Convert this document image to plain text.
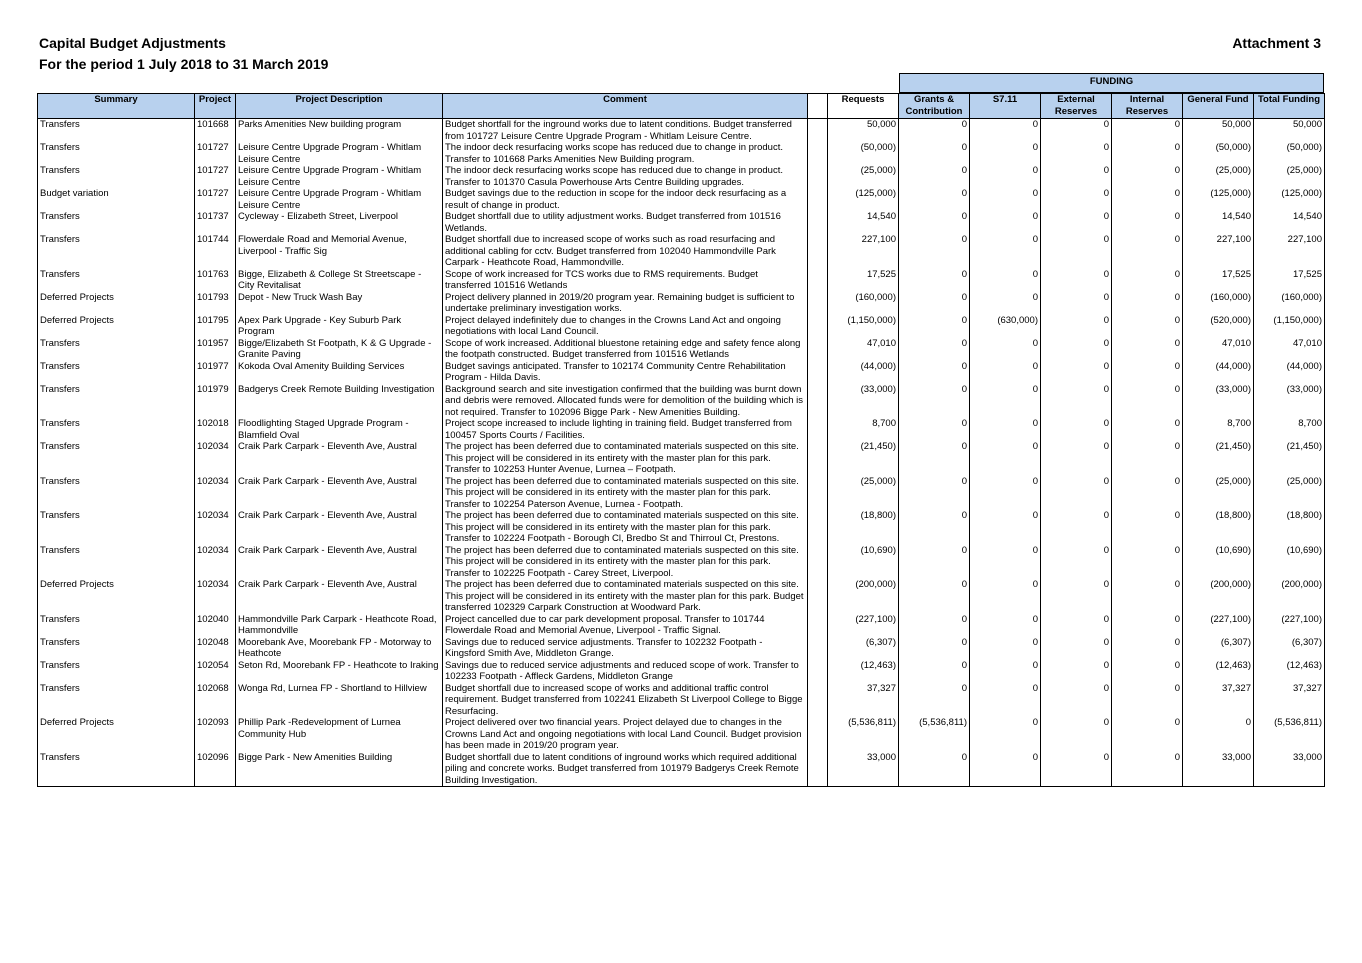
Capital Budget Adjustments
For the period 1 July 2018 to 31 March 2019
Attachment 3
FUNDING
Summary	Project	Project Description	Comment		Requests	Grants & Contribution	S7.11	External Reserves	Internal Reserves	General Fund	Total Funding
Transfers	101668	Parks Amenities New building program	Budget shortfall for the inground works due to latent conditions. Budget transferred from 101727 Leisure Centre Upgrade Program - Whitlam Leisure Centre.		50,000	0	0	0	0	50,000	50,000
Transfers	101727	Leisure Centre Upgrade Program - Whitlam Leisure Centre	The indoor deck resurfacing works scope has reduced due to change in product. Transfer to 101668 Parks Amenities New Building program.		(50,000)	0	0	0	0	(50,000)	(50,000)
Transfers	101727	Leisure Centre Upgrade Program - Whitlam Leisure Centre	The indoor deck resurfacing works scope has reduced due to change in product. Transfer to 101370 Casula Powerhouse Arts Centre Building upgrades.		(25,000)	0	0	0	0	(25,000)	(25,000)
Budget variation	101727	Leisure Centre Upgrade Program - Whitlam Leisure Centre	Budget savings due to the reduction in scope for the indoor deck resurfacing as a result of change in product.		(125,000)	0	0	0	0	(125,000)	(125,000)
Transfers	101737	Cycleway - Elizabeth Street, Liverpool	Budget shortfall due to utility adjustment works. Budget transferred from 101516 Wetlands.		14,540	0	0	0	0	14,540	14,540
Transfers	101744	Flowerdale Road and Memorial Avenue, Liverpool - Traffic Sig	Budget shortfall due to increased scope of works such as road resurfacing and additional cabling for cctv. Budget transferred from 102040 Hammondville Park Carpark - Heathcote Road, Hammondville.		227,100	0	0	0	0	227,100	227,100
Transfers	101763	Bigge, Elizabeth & College St Streetscape - City Revitalisat	Scope of work increased for TCS works due to RMS requirements. Budget transferred 101516 Wetlands		17,525	0	0	0	0	17,525	17,525
Deferred Projects	101793	Depot - New Truck Wash Bay	Project delivery planned in 2019/20 program year. Remaining budget is sufficient to undertake preliminary investigation works.		(160,000)	0	0	0	0	(160,000)	(160,000)
Deferred Projects	101795	Apex Park Upgrade - Key Suburb Park Program	Project delayed indefinitely due to changes in the Crowns Land Act and ongoing negotiations with local Land Council.		(1,150,000)	0	(630,000)	0	0	(520,000)	(1,150,000)
Transfers	101957	Bigge/Elizabeth St Footpath, K & G Upgrade - Granite Paving	Scope of work increased. Additional bluestone retaining edge and safety fence along the footpath constructed. Budget transferred from 101516 Wetlands		47,010	0	0	0	0	47,010	47,010
Transfers	101977	Kokoda Oval Amenity Building Services	Budget savings anticipated. Transfer to 102174 Community Centre Rehabilitation Program - Hilda Davis.		(44,000)	0	0	0	0	(44,000)	(44,000)
Transfers	101979	Badgerys Creek Remote Building Investigation	Background search and site investigation confirmed that the building was burnt down and debris were removed. Allocated funds were for demolition of the building which is not required. Transfer to 102096 Bigge Park - New Amenities Building.		(33,000)	0	0	0	0	(33,000)	(33,000)
Transfers	102018	Floodlighting Staged Upgrade Program - Blamfield Oval	Project scope increased to include lighting in training field. Budget transferred from 100457 Sports Courts / Facilities.		8,700	0	0	0	0	8,700	8,700
Transfers	102034	Craik Park Carpark - Eleventh Ave, Austral	The project has been deferred due to contaminated materials suspected on this site. This project will be considered in its entirety with the master plan for this park. Transfer to 102253 Hunter Avenue, Lurnea – Footpath.		(21,450)	0	0	0	0	(21,450)	(21,450)
Transfers	102034	Craik Park Carpark - Eleventh Ave, Austral	The project has been deferred due to contaminated materials suspected on this site. This project will be considered in its entirety with the master plan for this park. Transfer to 102254 Paterson Avenue, Lurnea - Footpath.		(25,000)	0	0	0	0	(25,000)	(25,000)
Transfers	102034	Craik Park Carpark - Eleventh Ave, Austral	The project has been deferred due to contaminated materials suspected on this site. This project will be considered in its entirety with the master plan for this park. Transfer to 102224 Footpath - Borough Cl, Bredbo St and Thirroul Ct, Prestons.		(18,800)	0	0	0	0	(18,800)	(18,800)
Transfers	102034	Craik Park Carpark - Eleventh Ave, Austral	The project has been deferred due to contaminated materials suspected on this site. This project will be considered in its entirety with the master plan for this park. Transfer to 102225 Footpath - Carey Street, Liverpool.		(10,690)	0	0	0	0	(10,690)	(10,690)
Deferred Projects	102034	Craik Park Carpark - Eleventh Ave, Austral	The project has been deferred due to contaminated materials suspected on this site. This project will be considered in its entirety with the master plan for this park. Budget transferred 102329 Carpark Construction at Woodward Park.		(200,000)	0	0	0	0	(200,000)	(200,000)
Transfers	102040	Hammondville Park Carpark - Heathcote Road, Hammondville	Project cancelled due to car park development proposal. Transfer to 101744 Flowerdale Road and Memorial Avenue, Liverpool - Traffic Signal.		(227,100)	0	0	0	0	(227,100)	(227,100)
Transfers	102048	Moorebank Ave, Moorebank FP - Motorway to Heathcote	Savings due to reduced service adjustments. Transfer to 102232 Footpath - Kingsford Smith Ave, Middleton Grange.		(6,307)	0	0	0	0	(6,307)	(6,307)
Transfers	102054	Seton Rd, Moorebank FP - Heathcote to Iraking	Savings due to reduced service adjustments and reduced scope of work. Transfer to 102233 Footpath - Affleck Gardens, Middleton Grange		(12,463)	0	0	0	0	(12,463)	(12,463)
Transfers	102068	Wonga Rd, Lurnea FP - Shortland to Hillview	Budget shortfall due to increased scope of works and additional traffic control requirement. Budget transferred from 102241 Elizabeth St Liverpool College to Bigge Resurfacing.		37,327	0	0	0	0	37,327	37,327
Deferred Projects	102093	Phillip Park -Redevelopment of Lurnea Community Hub	Project delivered over two financial years. Project delayed due to changes in the Crowns Land Act and ongoing negotiations with local Land Council. Budget provision has been made in 2019/20 program year.		(5,536,811)	(5,536,811)	0	0	0	0	(5,536,811)
Transfers	102096	Bigge Park - New Amenities Building	Budget shortfall due to latent conditions of inground works which required additional piling and concrete works. Budget transferred from 101979 Badgerys Creek Remote Building Investigation.		33,000	0	0	0	0	33,000	33,000
